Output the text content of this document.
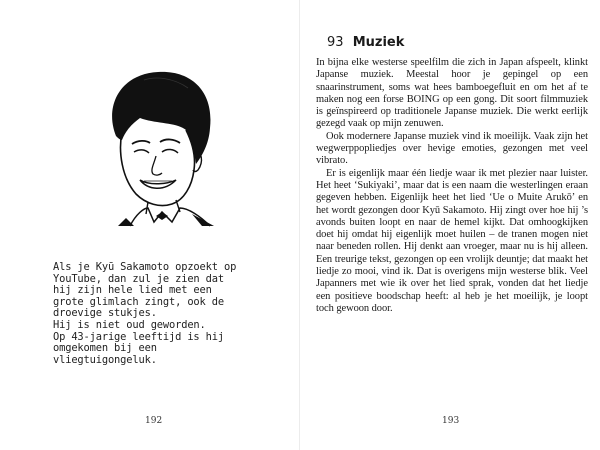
Als je Kyū Sakamoto opzoekt op
YouTube, dan zul je zien dat
hij zijn hele lied met een
grote glimlach zingt, ook de
droevige stukjes.
Hij is niet oud geworden.
Op 43-jarige leeftijd is hij
omgekomen bij een
vliegtuigongeluk.
192
93 Muziek

In bijna elke westerse speelfilm die zich in Japan afspeelt, klinkt Japanse muziek. Meestal hoor je gepingel op een snaarinstrument, soms wat hees bamboegefluit en om het af te maken nog een forse BOING op een gong. Dit soort filmmuziek is geïnspireerd op traditionele Japanse muziek. Die werkt eerlijk gezegd vaak op mijn zenuwen.

Ook modernere Japanse muziek vind ik moeilijk. Vaak zijn het wegwerppopliedjes over hevige emoties, gezongen met veel vibrato.

Er is eigenlijk maar één liedje waar ik met plezier naar luister. Het heet ‘Sukiyaki’, maar dat is een naam die westerlingen eraan gegeven hebben. Eigenlijk heet het lied ‘Ue o Muite Arukō’ en het wordt gezongen door Kyū Sakamoto. Hij zingt over hoe hij ’s avonds buiten loopt en naar de hemel kijkt. Dat omhoogkijken doet hij omdat hij eigenlijk moet huilen – de tranen mogen niet naar beneden rollen. Hij denkt aan vroeger, maar nu is hij alleen. Een treurige tekst, gezongen op een vrolijk deuntje; dat maakt het liedje zo mooi, vind ik. Dat is overigens mijn westerse blik. Veel Japanners met wie ik over het lied sprak, vonden dat het liedje een positieve boodschap heeft: al heb je het moeilijk, je loopt toch gewoon door.

193
